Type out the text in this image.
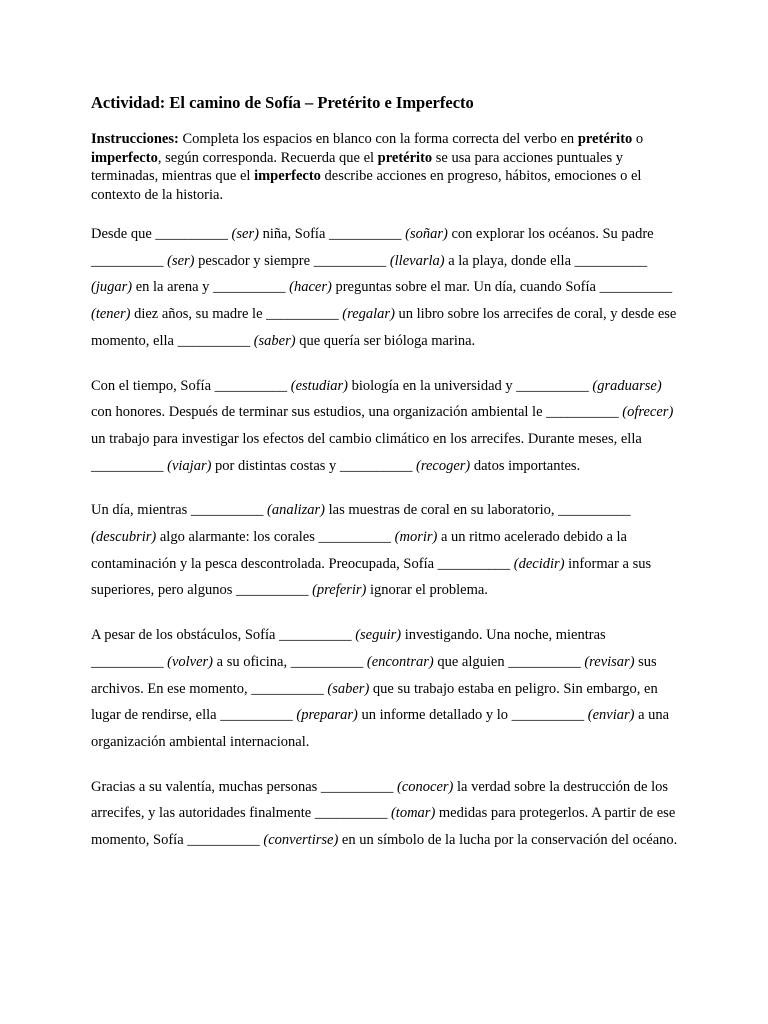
Actividad: El camino de Sofía – Pretérito e Imperfecto

Instrucciones: Completa los espacios en blanco con la forma correcta del verbo en pretérito o imperfecto, según corresponda. Recuerda que el pretérito se usa para acciones puntuales y terminadas, mientras que el imperfecto describe acciones en progreso, hábitos, emociones o el contexto de la historia.

Desde que __________ (ser) niña, Sofía __________ (soñar) con explorar los océanos. Su padre __________ (ser) pescador y siempre __________ (llevarla) a la playa, donde ella __________ (jugar) en la arena y __________ (hacer) preguntas sobre el mar. Un día, cuando Sofía __________ (tener) diez años, su madre le __________ (regalar) un libro sobre los arrecifes de coral, y desde ese momento, ella __________ (saber) que quería ser bióloga marina.

Con el tiempo, Sofía __________ (estudiar) biología en la universidad y __________ (graduarse) con honores. Después de terminar sus estudios, una organización ambiental le __________ (ofrecer) un trabajo para investigar los efectos del cambio climático en los arrecifes. Durante meses, ella __________ (viajar) por distintas costas y __________ (recoger) datos importantes.

Un día, mientras __________ (analizar) las muestras de coral en su laboratorio, __________ (descubrir) algo alarmante: los corales __________ (morir) a un ritmo acelerado debido a la contaminación y la pesca descontrolada. Preocupada, Sofía __________ (decidir) informar a sus superiores, pero algunos __________ (preferir) ignorar el problema.

A pesar de los obstáculos, Sofía __________ (seguir) investigando. Una noche, mientras __________ (volver) a su oficina, __________ (encontrar) que alguien __________ (revisar) sus archivos. En ese momento, __________ (saber) que su trabajo estaba en peligro. Sin embargo, en lugar de rendirse, ella __________ (preparar) un informe detallado y lo __________ (enviar) a una organización ambiental internacional.

Gracias a su valentía, muchas personas __________ (conocer) la verdad sobre la destrucción de los arrecifes, y las autoridades finalmente __________ (tomar) medidas para protegerlos. A partir de ese momento, Sofía __________ (convertirse) en un símbolo de la lucha por la conservación del océano.
